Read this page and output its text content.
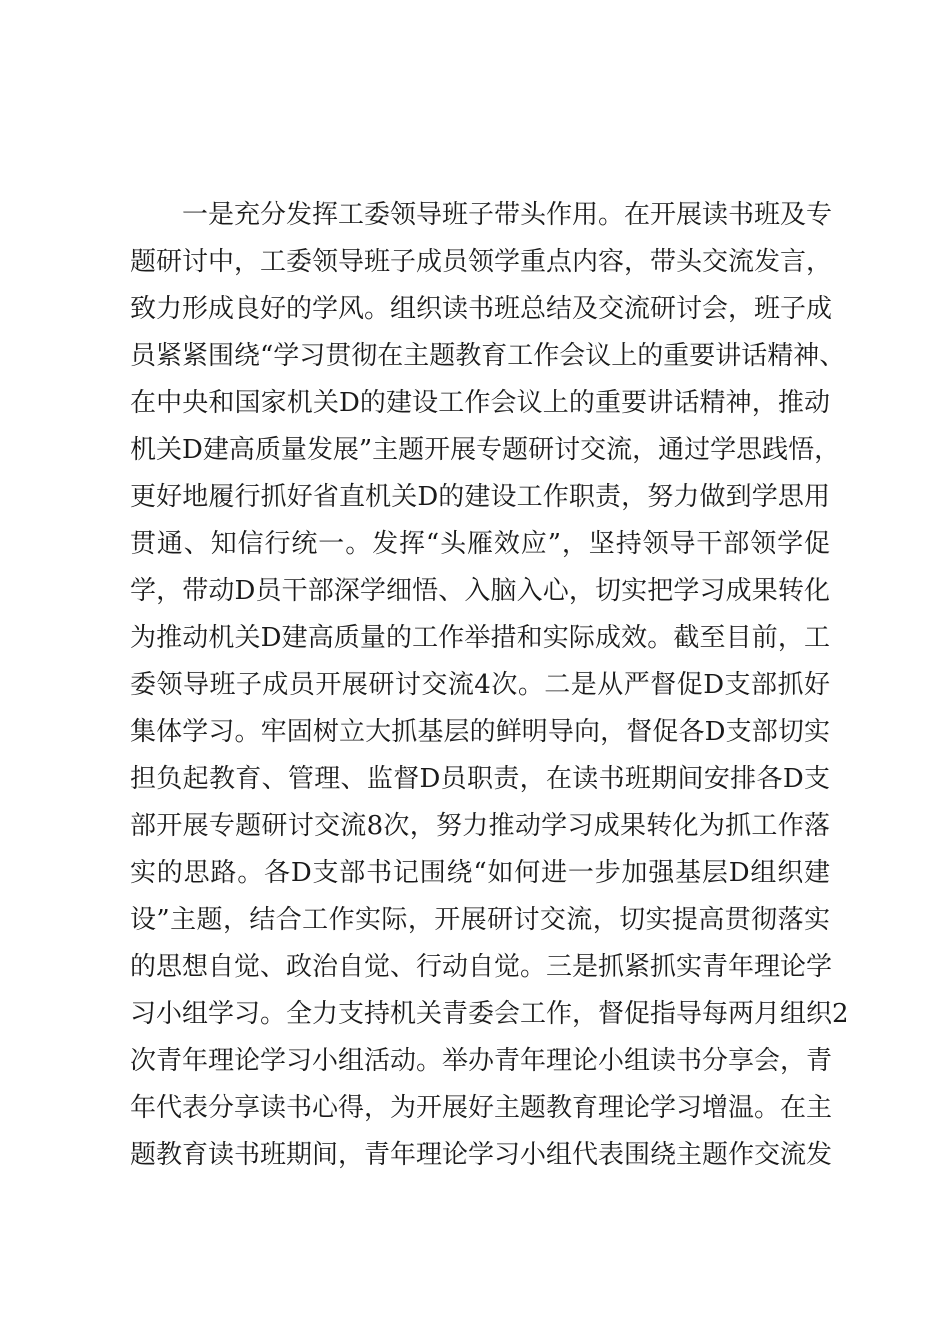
一是充分发挥工委领导班子带头作用。在开展读书班及专
题研讨中，工委领导班子成员领学重点内容，带头交流发言，
致力形成良好的学风。组织读书班总结及交流研讨会，班子成
员紧紧围绕“学习贯彻在主题教育工作会议上的重要讲话精神、
在中央和国家机关D的建设工作会议上的重要讲话精神，推动
机关D建高质量发展”主题开展专题研讨交流，通过学思践悟，
更好地履行抓好省直机关D的建设工作职责，努力做到学思用
贯通、知信行统一。发挥“头雁效应”，坚持领导干部领学促
学，带动D员干部深学细悟、入脑入心，切实把学习成果转化
为推动机关D建高质量的工作举措和实际成效。截至目前，工
委领导班子成员开展研讨交流4次。二是从严督促D支部抓好
集体学习。牢固树立大抓基层的鲜明导向，督促各D支部切实
担负起教育、管理、监督D员职责，在读书班期间安排各D支
部开展专题研讨交流8次，努力推动学习成果转化为抓工作落
实的思路。各D支部书记围绕“如何进一步加强基层D组织建
设”主题，结合工作实际，开展研讨交流，切实提高贯彻落实
的思想自觉、政治自觉、行动自觉。三是抓紧抓实青年理论学
习小组学习。全力支持机关青委会工作，督促指导每两月组织2
次青年理论学习小组活动。举办青年理论小组读书分享会，青
年代表分享读书心得，为开展好主题教育理论学习增温。在主
题教育读书班期间，青年理论学习小组代表围绕主题作交流发
